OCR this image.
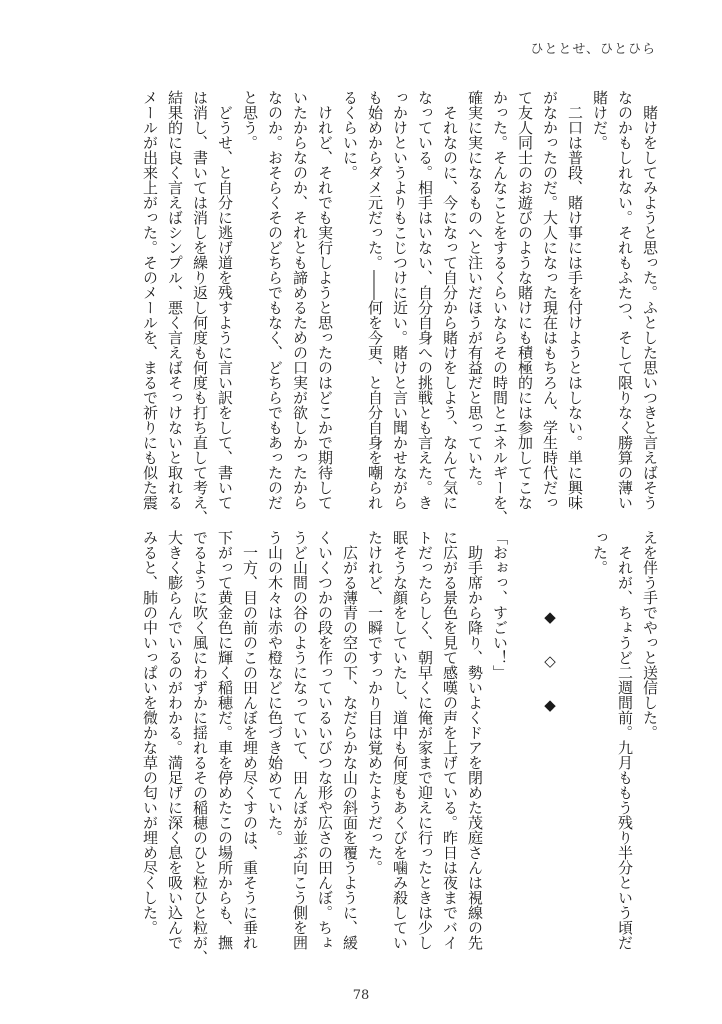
ひととせ、ひとひら
　賭けをしてみようと思った。ふとした思いつきと言えばそう
なのかもしれない。それもふたつ、そして限りなく勝算の薄い
賭けだ。
　二口は普段、賭け事には手を付けようとはしない。単に興味
がなかったのだ。大人になった現在はもちろん、学生時代だっ
て友人同士のお遊びのような賭けにも積極的には参加してこな
かった。そんなことをするくらいならその時間とエネルギーを、
確実に実になるものへと注いだほうが有益だと思っていた。
　それなのに、今になって自分から賭けをしよう、なんて気に
なっている。相手はいない、自分自身への挑戦とも言えた。き
っかけというよりもこじつけに近い。賭けと言い聞かせながら
も始めからダメ元だった。――何を今更、と自分自身を嘲られ
るくらいに。
　けれど、それでも実行しようと思ったのはどこかで期待して
いたからなのか、それとも諦めるための口実が欲しかったから
なのか。おそらくそのどちらでもなく、どちらでもあったのだ
と思う。
　どうせ、と自分に逃げ道を残すように言い訳をして、書いて
は消し、書いては消しを繰り返し何度も何度も打ち直して考え、
結果的に良く言えばシンプル、悪く言えばそっけないと取れる
メールが出来上がった。そのメールを、まるで祈りにも似た震
えを伴う手でやっと送信した。
　それが、ちょうど二週間前。九月ももう残り半分という頃だ
った。
◆◇◆
「おぉっ、すごい！」
　助手席から降り、勢いよくドアを閉めた茂庭さんは視線の先
に広がる景色を見て感嘆の声を上げている。昨日は夜までバイ
トだったらしく、朝早くに俺が家まで迎えに行ったときは少し
眠そうな顔をしていたし、道中も何度もあくびを噛み殺してい
たけれど、一瞬ですっかり目は覚めたようだった。
　広がる薄青の空の下、なだらかな山の斜面を覆うように、緩
くいくつかの段を作っているいびつな形や広さの田んぼ。ちょ
うど山間の谷のようになっていて、田んぼが並ぶ向こう側を囲
う山の木々は赤や橙などに色づき始めていた。
　一方、目の前のこの田んぼを埋め尽くすのは、重そうに垂れ
下がって黄金色に輝く稲穂だ。車を停めたこの場所からも、撫
でるように吹く風にわずかに揺れるその稲穂のひと粒ひと粒が、
大きく膨らんでいるのがわかる。満足げに深く息を吸い込んで
みると、肺の中いっぱいを微かな草の匂いが埋め尽くした。
78
